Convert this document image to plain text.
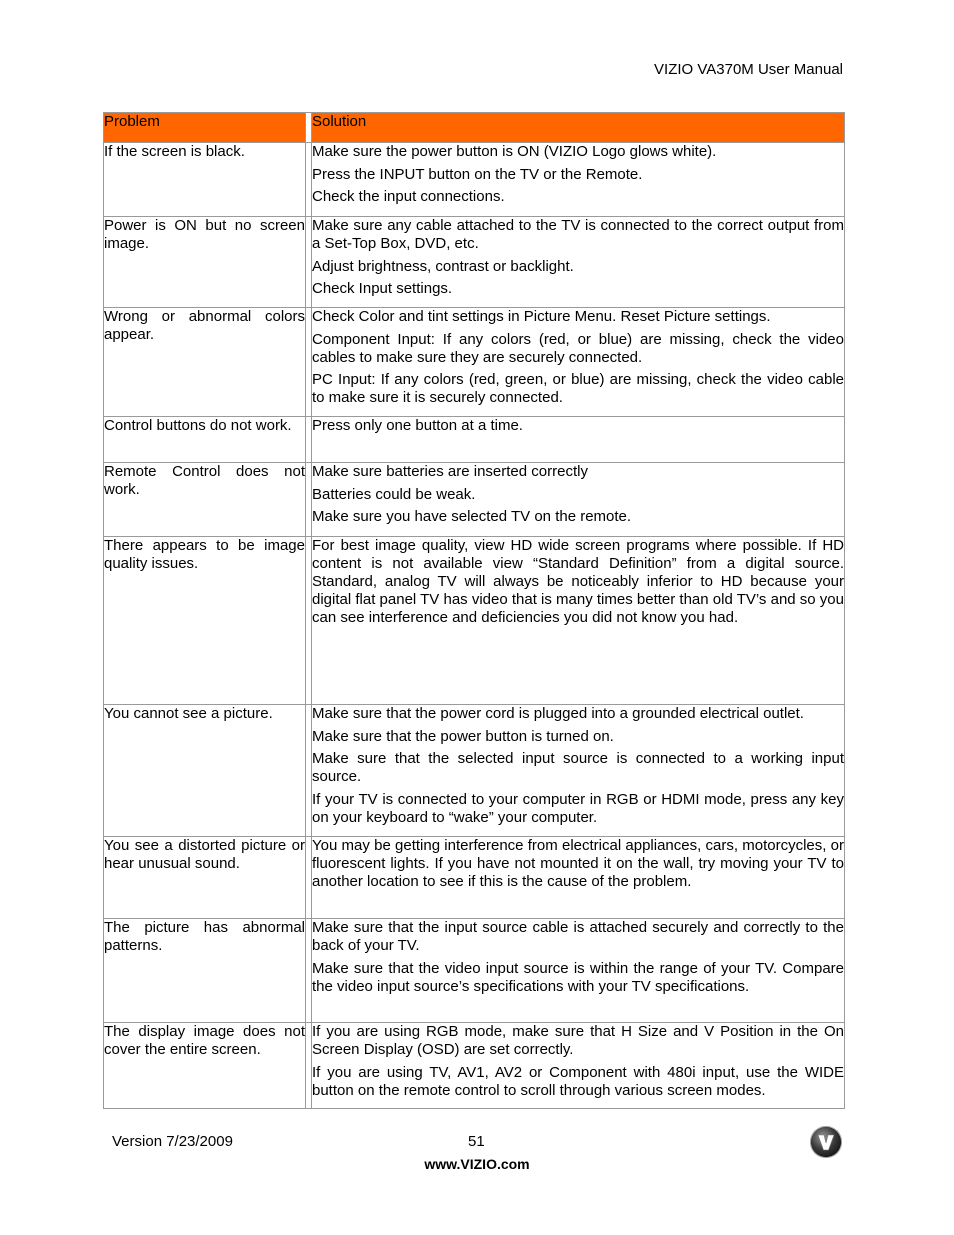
VIZIO VA370M User Manual
Problem		Solution
If the screen is black.		Make sure the power button is ON (VIZIO Logo glows white).

Press the INPUT button on the TV or the Remote.

Check the input connections.

Power is ON but no screen image.		Make sure any cable attached to the TV is connected to the correct output from a Set-Top Box, DVD, etc.

Adjust brightness, contrast or backlight.

Check Input settings.

Wrong or abnormal colors appear.		Check Color and tint settings in Picture Menu. Reset Picture settings.

Component Input: If any colors (red, or blue) are missing, check the video cables to make sure they are securely connected.

PC Input: If any colors (red, green, or blue) are missing, check the video cable to make sure it is securely connected.

Control buttons do not work.		Press only one button at a time.

Remote Control does not work.		Make sure batteries are inserted correctly

Batteries could be weak.

Make sure you have selected TV on the remote.

There appears to be image quality issues.		For best image quality, view HD wide screen programs where possible. If HD content is not available view “Standard Definition” from a digital source. Standard, analog TV will always be noticeably inferior to HD because your digital flat panel TV has video that is many times better than old TV’s and so you can see interference and deficiencies you did not know you had.

You cannot see a picture.		Make sure that the power cord is plugged into a grounded electrical outlet.

Make sure that the power button is turned on.

Make sure that the selected input source is connected to a working input source.

If your TV is connected to your computer in RGB or HDMI mode, press any key on your keyboard to “wake” your computer.

You see a distorted picture or hear unusual sound.		You may be getting interference from electrical appliances, cars, motorcycles, or fluorescent lights. If you have not mounted it on the wall, try moving your TV to another location to see if this is the cause of the problem.

The picture has abnormal patterns.		Make sure that the input source cable is attached securely and correctly to the back of your TV.

Make sure that the video input source is within the range of your TV. Compare the video input source’s specifications with your TV specifications.

The display image does not cover the entire screen.		If you are using RGB mode, make sure that H Size and V Position in the On Screen Display (OSD) are set correctly.

If you are using TV, AV1, AV2 or Component with 480i input, use the WIDE button on the remote control to scroll through various screen modes.

Version 7/23/2009	51
www.VIZIO.com
